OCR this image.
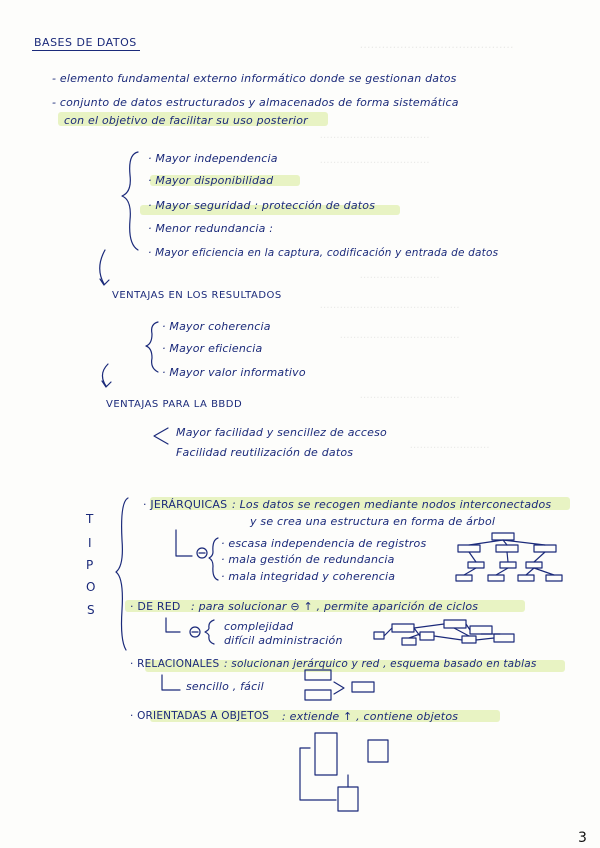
……………………………………
……………………………
……………………………
……………………
……………………………………
………………………………
…………………………
……………………
BASES DE DATOS
- elemento fundamental externo informático donde se gestionan datos
- conjunto de datos estructurados y almacenados de forma sistemática
con el objetivo de facilitar su uso posterior
· Mayor independencia
· Mayor disponibilidad
· Mayor seguridad : protección de datos
· Menor redundancia :
· Mayor eficiencia en la captura, codificación y entrada de datos
VENTAJAS EN LOS RESULTADOS
· Mayor coherencia
· Mayor eficiencia
· Mayor valor informativo
VENTAJAS PARA LA BBDD
Mayor facilidad y sencillez de acceso
Facilidad reutilización de datos
T
I
P
O
S
· JERÁRQUICAS : Los datos se recogen mediante nodos interconectados
y se crea una estructura en forma de árbol
· escasa independencia de registros
· mala gestión de redundancia
· mala integridad y coherencia
· DE RED : para solucionar ⊖ ↑ , permite aparición de ciclos
complejidad
difícil administración
· RELACIONALES : solucionan jerárquico y red , esquema basado en tablas
sencillo , fácil
· ORIENTADAS A OBJETOS : extiende ↑ , contiene objetos
3
